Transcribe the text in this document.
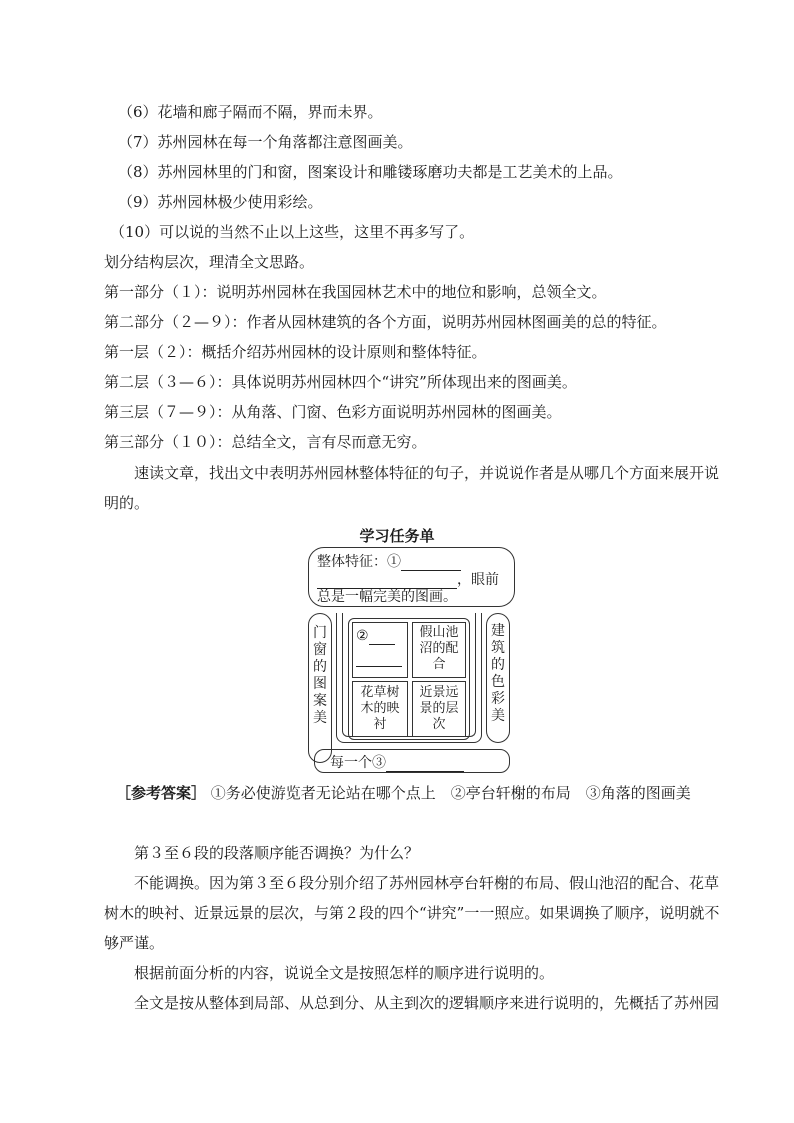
（6）花墙和廊子隔而不隔，界而未界。
（7）苏州园林在每一个角落都注意图画美。
（8）苏州园林里的门和窗，图案设计和雕镂琢磨功夫都是工艺美术的上品。
（9）苏州园林极少使用彩绘。
（10）可以说的当然不止以上这些，这里不再多写了。
划分结构层次，理清全文思路。
第一部分（１）：说明苏州园林在我国园林艺术中的地位和影响，总领全文。
第二部分（２—９）：作者从园林建筑的各个方面，说明苏州园林图画美的总的特征。
第一层（２）：概括介绍苏州园林的设计原则和整体特征。
第二层（３—６）：具体说明苏州园林四个“讲究”所体现出来的图画美。
第三层（７—９）：从角落、门窗、色彩方面说明苏州园林的图画美。
第三部分（１０）：总结全文，言有尽而意无穷。
速读文章，找出文中表明苏州园林整体特征的句子，并说说作者是从哪几个方面来展开说明的。
学习任务单
整体特征：①
，眼前
总是一幅完美的图画。
门窗的图案美
建筑的色彩美
②
	假山池沼的配合
花草树木的映衬
近景远景的层次
每一个③
［参考答案］ ①务必使游览者无论站在哪个点上　②亭台轩榭的布局　③角落的图画美
第３至６段的段落顺序能否调换？为什么？
不能调换。因为第３至６段分别介绍了苏州园林亭台轩榭的布局、假山池沼的配合、花草树木的映衬、近景远景的层次，与第２段的四个“讲究”一一照应。如果调换了顺序，说明就不够严谨。
根据前面分析的内容，说说全文是按照怎样的顺序进行说明的。
全文是按从整体到局部、从总到分、从主到次的逻辑顺序来进行说明的，先概括了苏州园
